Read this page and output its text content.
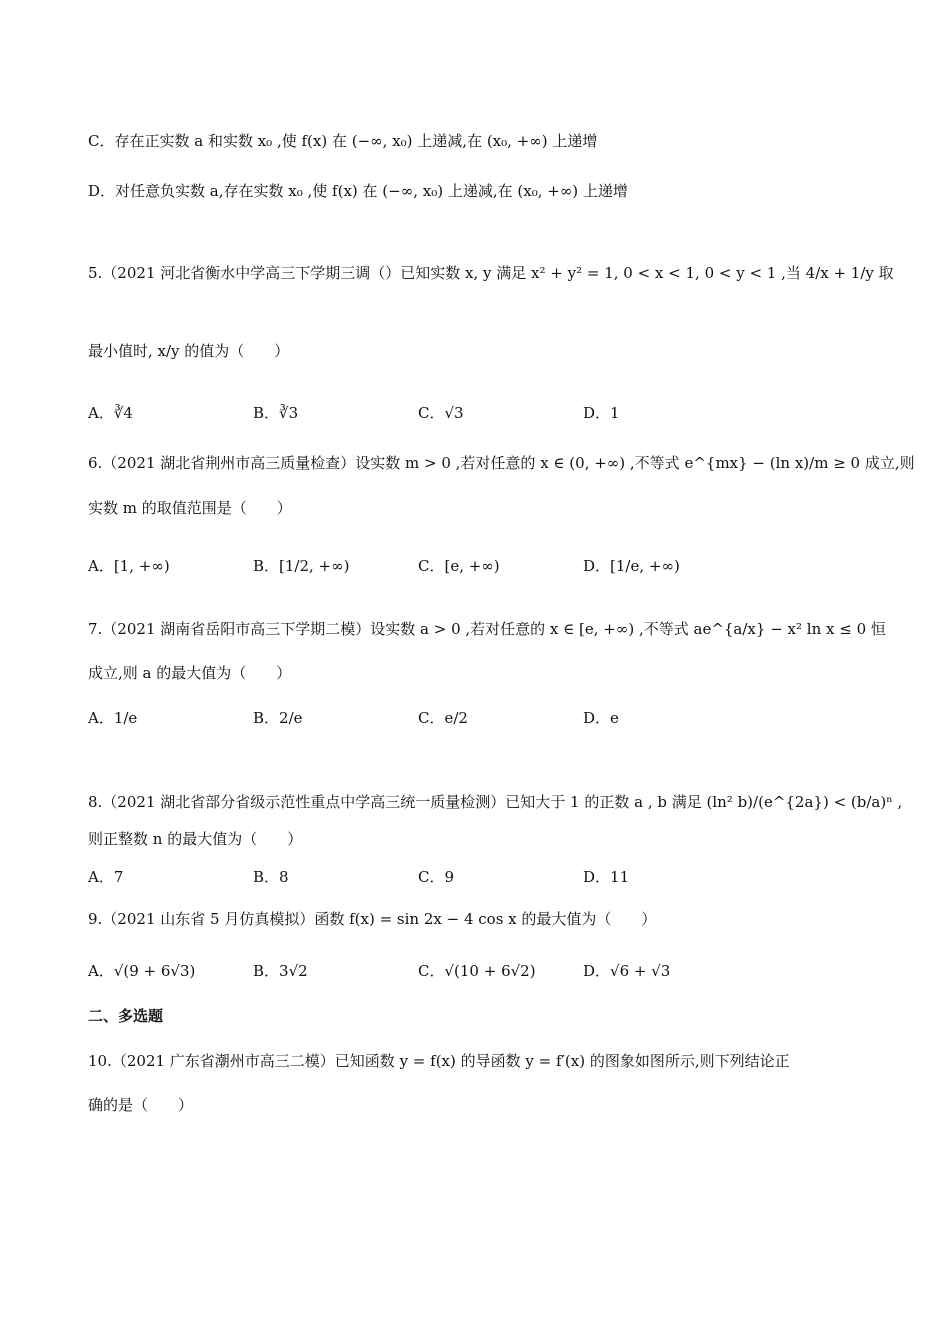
C．存在正实数 a 和实数 x₀ ,使 f(x) 在 (−∞, x₀) 上递减,在 (x₀, +∞) 上递增
D．对任意负实数 a,存在实数 x₀ ,使 f(x) 在 (−∞, x₀) 上递减,在 (x₀, +∞) 上递增
5.（2021 河北省衡水中学高三下学期三调（）已知实数 x, y 满足 x² + y² = 1, 0 < x < 1, 0 < y < 1 ,当 4/x + 1/y 取
最小值时, x/y 的值为（　　）
A．∛4	B．∛3	C．√3	D．1
6.（2021 湖北省荆州市高三质量检查）设实数 m > 0 ,若对任意的 x ∈ (0, +∞) ,不等式 e^{mx} − (ln x)/m ≥ 0 成立,则
实数 m 的取值范围是（　　）
A．[1, +∞)	B．[1/2, +∞)	C．[e, +∞)	D．[1/e, +∞)
7.（2021 湖南省岳阳市高三下学期二模）设实数 a > 0 ,若对任意的 x ∈ [e, +∞) ,不等式 ae^{a/x} − x² ln x ≤ 0 恒
成立,则 a 的最大值为（　　）
A．1/e	B．2/e	C．e/2	D．e
8.（2021 湖北省部分省级示范性重点中学高三统一质量检测）已知大于 1 的正数 a , b 满足 (ln² b)/(e^{2a}) < (b/a)ⁿ ,
则正整数 n 的最大值为（　　）
A．7	B．8	C．9	D．11
9.（2021 山东省 5 月仿真模拟）函数 f(x) = sin 2x − 4 cos x 的最大值为（　　）
A．√(9 + 6√3)	B．3√2	C．√(10 + 6√2)	D．√6 + √3
二、多选题
10.（2021 广东省潮州市高三二模）已知函数 y = f(x) 的导函数 y = f′(x) 的图象如图所示,则下列结论正
确的是（　　）
